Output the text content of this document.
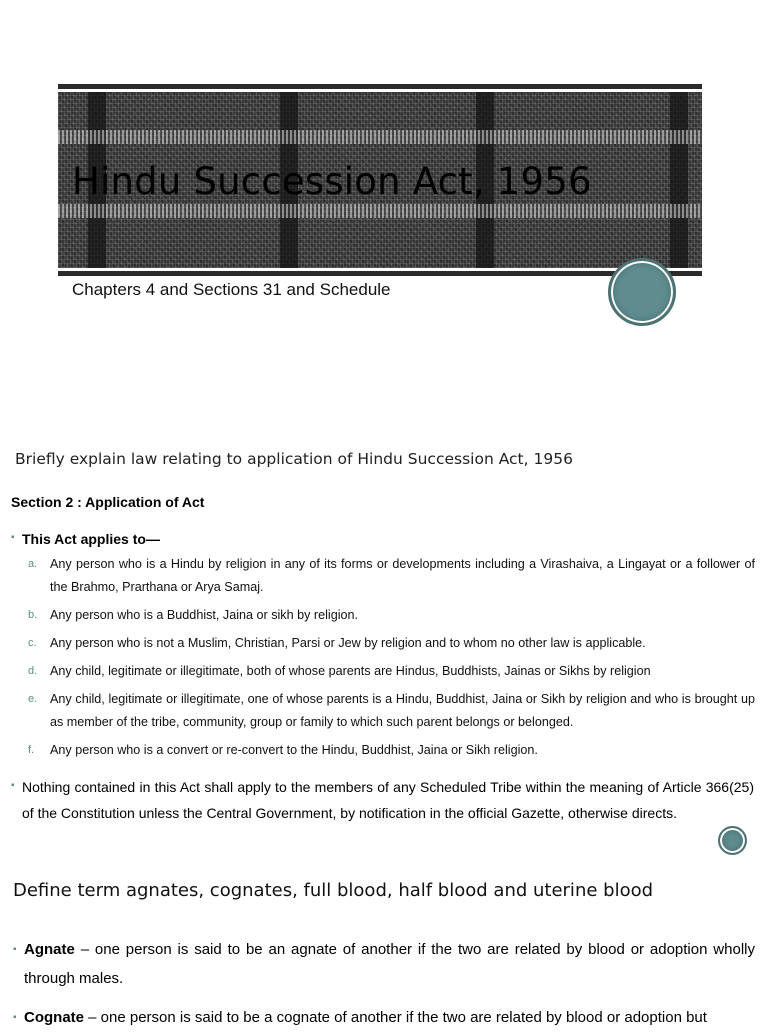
Hindu Succession Act, 1956
Chapters 4 and Sections 31 and Schedule
Briefly explain law relating to application of Hindu Succession Act, 1956
Section 2 : Application of Act
▪ This Act applies to—
a. Any person who is a Hindu by religion in any of its forms or developments including a Virashaiva, a Lingayat or a follower of the Brahmo, Prarthana or Arya Samaj.
b. Any person who is a Buddhist, Jaina or sikh by religion.
c. Any person who is not a Muslim, Christian, Parsi or Jew by religion and to whom no other law is applicable.
d. Any child, legitimate or illegitimate, both of whose parents are Hindus, Buddhists, Jainas or Sikhs by religion
e. Any child, legitimate or illegitimate, one of whose parents is a Hindu, Buddhist, Jaina or Sikh by religion and who is brought up as member of the tribe, community, group or family to which such parent belongs or belonged.
f. Any person who is a convert or re-convert to the Hindu, Buddhist, Jaina or Sikh religion.
▪ Nothing contained in this Act shall apply to the members of any Scheduled Tribe within the meaning of Article 366(25) of the Constitution unless the Central Government, by notification in the official Gazette, otherwise directs.
Define term agnates, cognates, full blood, half blood and uterine blood
▪ Agnate – one person is said to be an agnate of another if the two are related by blood or adoption wholly through males.
▪ Cognate – one person is said to be a cognate of another if the two are related by blood or adoption but
